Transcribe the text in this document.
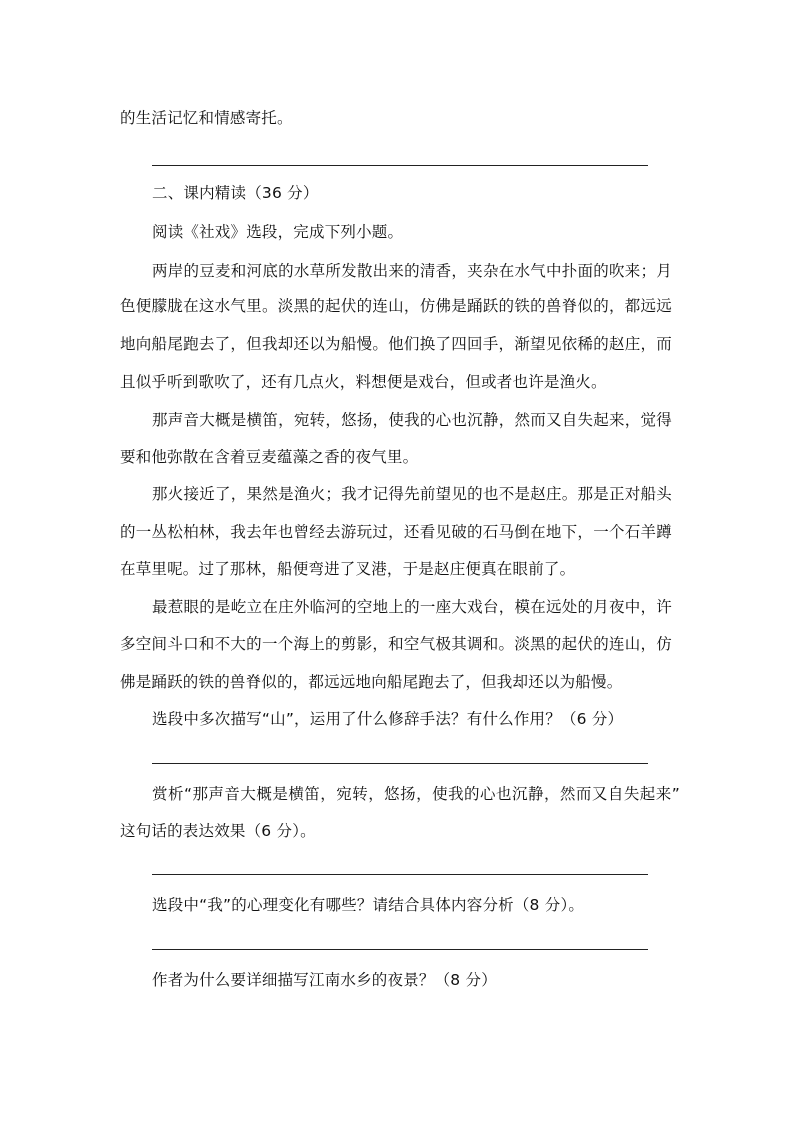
的生活记忆和情感寄托。
二、课内精读（36 分）
阅读《社戏》选段，完成下列小题。
两岸的豆麦和河底的水草所发散出来的清香，夹杂在水气中扑面的吹来；月
色便朦胧在这水气里。淡黑的起伏的连山，仿佛是踊跃的铁的兽脊似的，都远远
地向船尾跑去了，但我却还以为船慢。他们换了四回手，渐望见依稀的赵庄，而
且似乎听到歌吹了，还有几点火，料想便是戏台，但或者也许是渔火。
那声音大概是横笛，宛转，悠扬，使我的心也沉静，然而又自失起来，觉得
要和他弥散在含着豆麦蕴藻之香的夜气里。
那火接近了，果然是渔火；我才记得先前望见的也不是赵庄。那是正对船头
的一丛松柏林，我去年也曾经去游玩过，还看见破的石马倒在地下，一个石羊蹲
在草里呢。过了那林，船便弯进了叉港，于是赵庄便真在眼前了。
最惹眼的是屹立在庄外临河的空地上的一座大戏台，模在远处的月夜中，许
多空间斗口和不大的一个海上的剪影，和空气极其调和。淡黑的起伏的连山，仿
佛是踊跃的铁的兽脊似的，都远远地向船尾跑去了，但我却还以为船慢。
选段中多次描写“山”，运用了什么修辞手法？有什么作用？（6 分）
赏析“那声音大概是横笛，宛转，悠扬，使我的心也沉静，然而又自失起来”
这句话的表达效果（6 分）。
选段中“我”的心理变化有哪些？请结合具体内容分析（8 分）。
作者为什么要详细描写江南水乡的夜景？（8 分）
